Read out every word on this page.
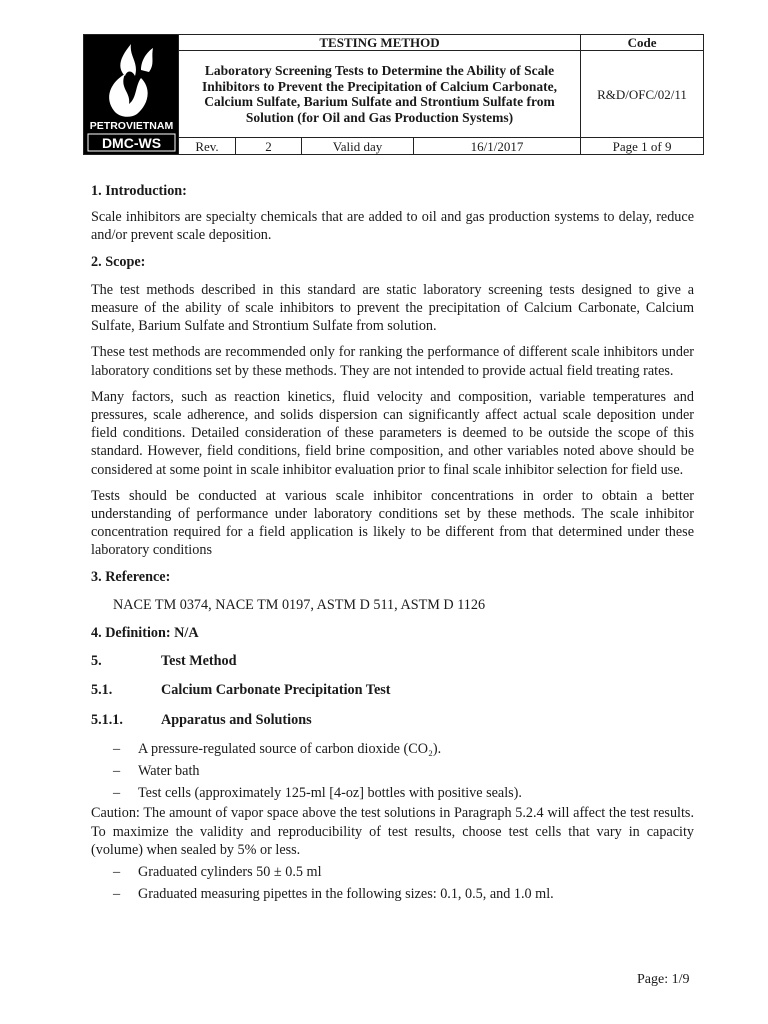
PETROVIETNAM
DMC-WS	TESTING METHOD				Code
	Laboratory Screening Tests to Determine the Ability of Scale Inhibitors to Prevent the Precipitation of Calcium Carbonate, Calcium Sulfate, Barium Sulfate and Strontium Sulfate from Solution (for Oil and Gas Production Systems)				R&D/OFC/02/11
	Rev.	2	Valid day	16/1/2017	Page 1 of 9

1. Introduction:

Scale inhibitors are specialty chemicals that are added to oil and gas production systems to delay, reduce and/or prevent scale deposition.

2. Scope:

The test methods described in this standard are static laboratory screening tests designed to give a measure of the ability of scale inhibitors to prevent the precipitation of Calcium Carbonate, Calcium Sulfate, Barium Sulfate and Strontium Sulfate from solution.

These test methods are recommended only for ranking the performance of different scale inhibitors under laboratory conditions set by these methods. They are not intended to provide actual field treating rates.

Many factors, such as reaction kinetics, fluid velocity and composition, variable temperatures and pressures, scale adherence, and solids dispersion can significantly affect actual scale deposition under field conditions. Detailed consideration of these parameters is deemed to be outside the scope of this standard. However, field conditions, field brine composition, and other variables noted above should be considered at some point in scale inhibitor evaluation prior to final scale inhibitor selection for field use.

Tests should be conducted at various scale inhibitor concentrations in order to obtain a better understanding of performance under laboratory conditions set by these methods. The scale inhibitor concentration required for a field application is likely to be different from that determined under these laboratory conditions

3. Reference:

NACE TM 0374, NACE TM 0197, ASTM D 511, ASTM D 1126

4. Definition: N/A

5.	Test Method

5.1.	Calcium Carbonate Precipitation Test

5.1.1.	Apparatus and Solutions

– A pressure-regulated source of carbon dioxide (CO₂).

– Water bath

– Test cells (approximately 125-ml [4-oz] bottles with positive seals).

Caution: The amount of vapor space above the test solutions in Paragraph 5.2.4 will affect the test results. To maximize the validity and reproducibility of test results, choose test cells that vary in capacity (volume) when sealed by 5% or less.

– Graduated cylinders 50 ± 0.5 ml

– Graduated measuring pipettes in the following sizes: 0.1, 0.5, and 1.0 ml.

Page: 1/9
